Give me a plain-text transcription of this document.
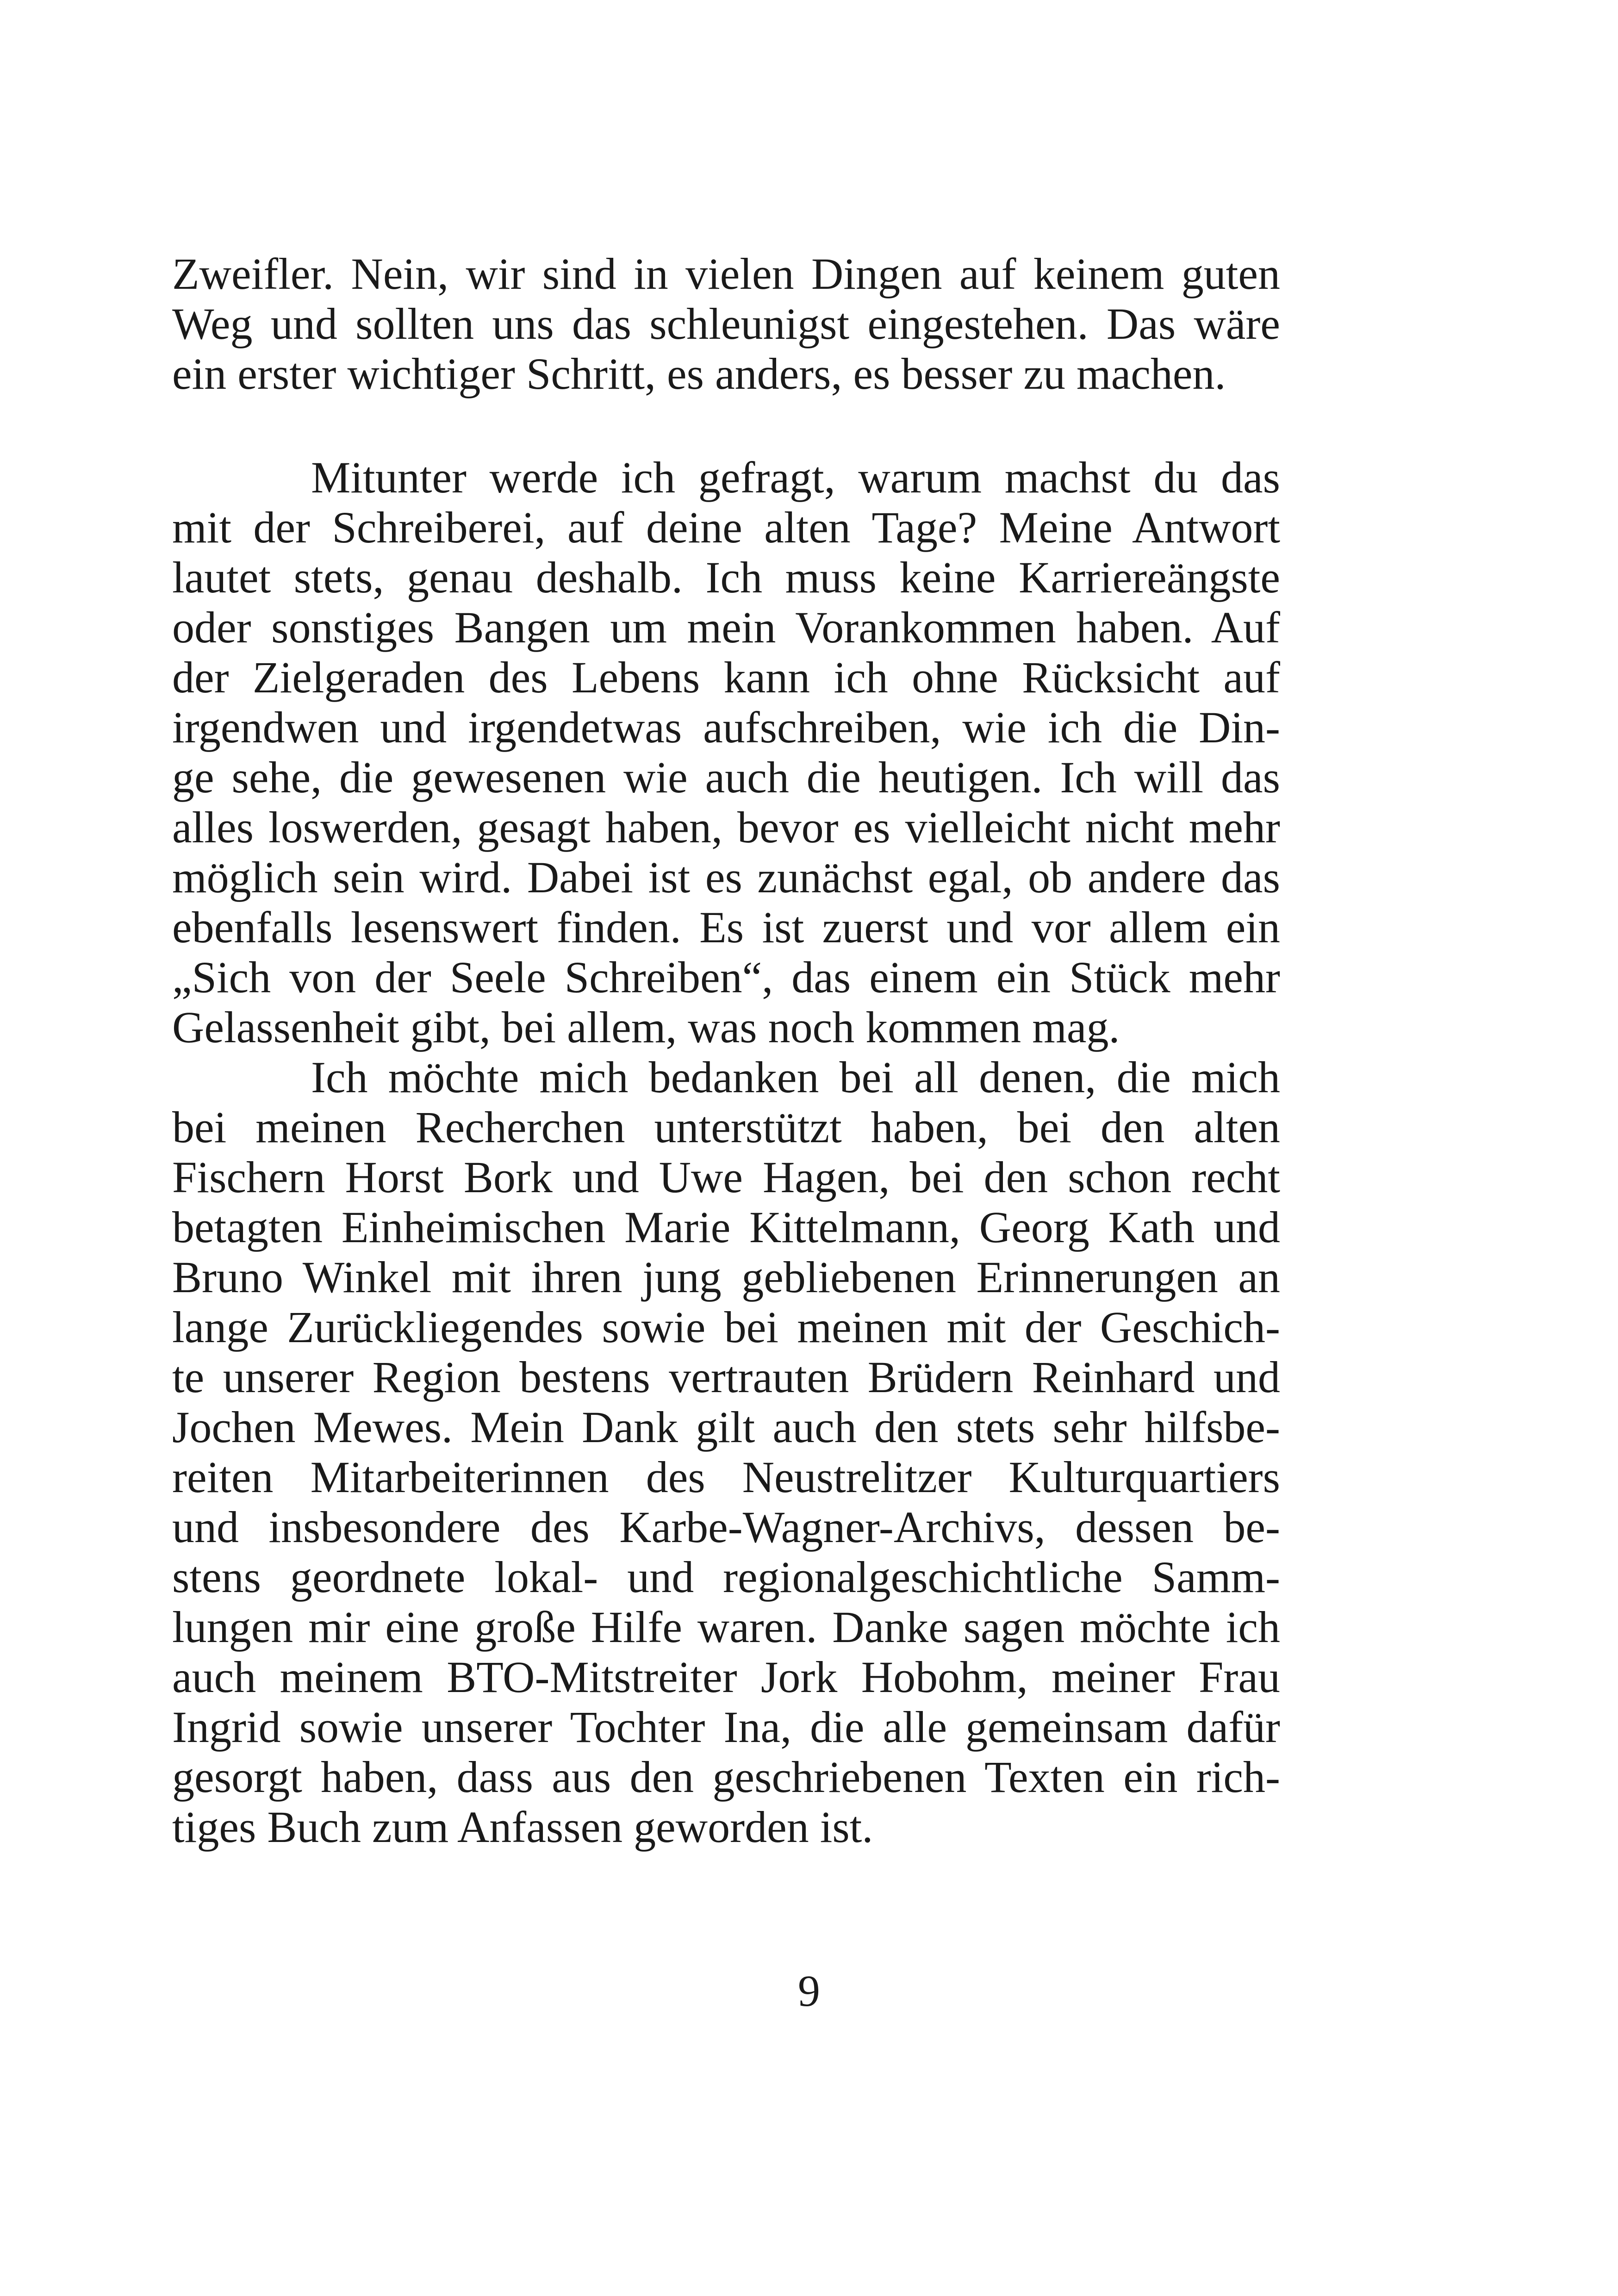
Zweifler. Nein, wir sind in vielen Dingen auf keinem guten
Weg und sollten uns das schleunigst eingestehen. Das wäre
ein erster wichtiger Schritt, es anders, es besser zu machen.
Mitunter werde ich gefragt, warum machst du das
mit der Schreiberei, auf deine alten Tage? Meine Antwort
lautet stets, genau deshalb. Ich muss keine Karriereängste
oder sonstiges Bangen um mein Vorankommen haben. Auf
der Zielgeraden des Lebens kann ich ohne Rücksicht auf
irgendwen und irgendetwas aufschreiben, wie ich die Din-
ge sehe, die gewesenen wie auch die heutigen. Ich will das
alles loswerden, gesagt haben, bevor es vielleicht nicht mehr
möglich sein wird. Dabei ist es zunächst egal, ob andere das
ebenfalls lesenswert finden. Es ist zuerst und vor allem ein
„Sich von der Seele Schreiben“, das einem ein Stück mehr
Gelassenheit gibt, bei allem, was noch kommen mag.
Ich möchte mich bedanken bei all denen, die mich
bei meinen Recherchen unterstützt haben, bei den alten
Fischern Horst Bork und Uwe Hagen, bei den schon recht
betagten Einheimischen Marie Kittelmann, Georg Kath und
Bruno Winkel mit ihren jung gebliebenen Erinnerungen an
lange Zurückliegendes sowie bei meinen mit der Geschich-
te unserer Region bestens vertrauten Brüdern Reinhard und
Jochen Mewes. Mein Dank gilt auch den stets sehr hilfsbe-
reiten Mitarbeiterinnen des Neustrelitzer Kulturquartiers
und insbesondere des Karbe-Wagner-Archivs, dessen be-
stens geordnete lokal- und regionalgeschichtliche Samm-
lungen mir eine große Hilfe waren. Danke sagen möchte ich
auch meinem BTO-Mitstreiter Jork Hobohm, meiner Frau
Ingrid sowie unserer Tochter Ina, die alle gemeinsam dafür
gesorgt haben, dass aus den geschriebenen Texten ein rich-
tiges Buch zum Anfassen geworden ist.
9
